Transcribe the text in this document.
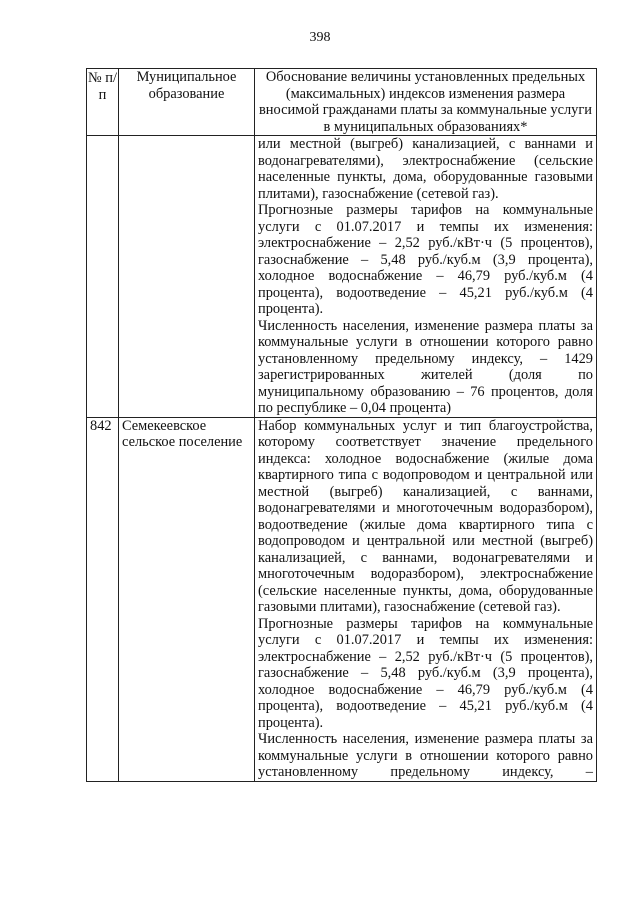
398
№ п/п	Муниципальное образование	Обоснование величины установленных предельных (максимальных) индексов изменения размера вносимой гражданами платы за коммунальные услуги в муниципальных образованиях*

		или местной (выгреб) канализацией, с ваннами и водонагревателями), электроснабжение (сельские населенные пункты, дома, оборудованные газовыми плитами), газоснабжение (сетевой газ).

Прогнозные размеры тарифов на коммунальные услуги с 01.07.2017 и темпы их изменения: электроснабжение – 2,52 руб./кВт·ч (5 процентов), газоснабжение – 5,48 руб./куб.м (3,9 процента), холодное водоснабжение – 46,79 руб./куб.м (4 процента), водоотведение – 45,21 руб./куб.м (4 процента).

Численность населения, изменение размера платы за коммунальные услуги в отношении которого равно установленному предельному индексу, – 1429 зарегистрированных жителей (доля по муниципальному образованию – 76 процентов, доля по республике – 0,04 процента)

842	Семекеевское сельское поселение	Набор коммунальных услуг и тип благоустройства, которому соответствует значение предельного индекса: холодное водоснабжение (жилые дома квартирного типа с водопроводом и центральной или местной (выгреб) канализацией, с ваннами, водонагревателями и многоточечным водоразбором), водоотведение (жилые дома квартирного типа с водопроводом и центральной или местной (выгреб) канализацией, с ваннами, водонагревателями и многоточечным водоразбором), электроснабжение (сельские населенные пункты, дома, оборудованные газовыми плитами), газоснабжение (сетевой газ).

Прогнозные размеры тарифов на коммунальные услуги с 01.07.2017 и темпы их изменения: электроснабжение – 2,52 руб./кВт·ч (5 процентов), газоснабжение – 5,48 руб./куб.м (3,9 процента), холодное водоснабжение – 46,79 руб./куб.м (4 процента), водоотведение – 45,21 руб./куб.м (4 процента).

Численность населения, изменение размера платы за коммунальные услуги в отношении которого равно установленному предельному индексу, –
